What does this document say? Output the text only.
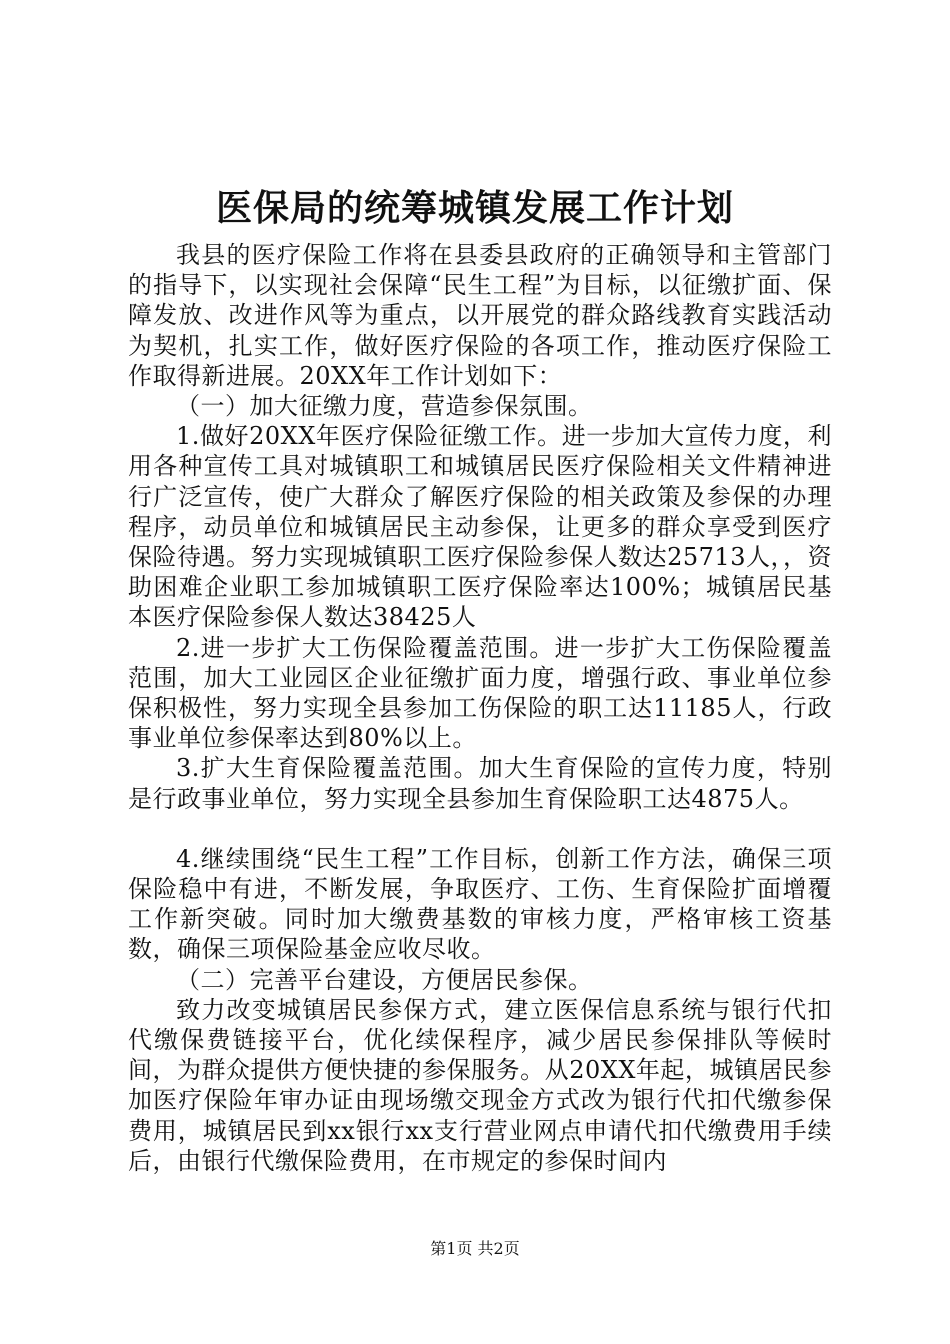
医保局的统筹城镇发展工作计划

我县的医疗保险工作将在县委县政府的正确领导和主管部门的指导下，以实现社会保障“民生工程”为目标，以征缴扩面、保障发放、改进作风等为重点，以开展党的群众路线教育实践活动为契机，扎实工作，做好医疗保险的各项工作，推动医疗保险工作取得新进展。20XX年工作计划如下：

（一）加大征缴力度，营造参保氛围。

1.做好20XX年医疗保险征缴工作。进一步加大宣传力度，利用各种宣传工具对城镇职工和城镇居民医疗保险相关文件精神进行广泛宣传，使广大群众了解医疗保险的相关政策及参保的办理程序，动员单位和城镇居民主动参保，让更多的群众享受到医疗保险待遇。努力实现城镇职工医疗保险参保人数达25713人，，资助困难企业职工参加城镇职工医疗保险率达100%；城镇居民基本医疗保险参保人数达38425人

2.进一步扩大工伤保险覆盖范围。进一步扩大工伤保险覆盖范围，加大工业园区企业征缴扩面力度，增强行政、事业单位参保积极性，努力实现全县参加工伤保险的职工达11185人，行政事业单位参保率达到80%以上。

3.扩大生育保险覆盖范围。加大生育保险的宣传力度，特别是行政事业单位，努力实现全县参加生育保险职工达4875人。

4.继续围绕“民生工程”工作目标，创新工作方法，确保三项保险稳中有进，不断发展，争取医疗、工伤、生育保险扩面增覆工作新突破。同时加大缴费基数的审核力度，严格审核工资基数，确保三项保险基金应收尽收。

（二）完善平台建设，方便居民参保。

致力改变城镇居民参保方式，建立医保信息系统与银行代扣代缴保费链接平台，优化续保程序，减少居民参保排队等候时间，为群众提供方便快捷的参保服务。从20XX年起，城镇居民参加医疗保险年审办证由现场缴交现金方式改为银行代扣代缴参保费用，城镇居民到xx银行xx支行营业网点申请代扣代缴费用手续后，由银行代缴保险费用，在市规定的参保时间内

第1页 共2页
